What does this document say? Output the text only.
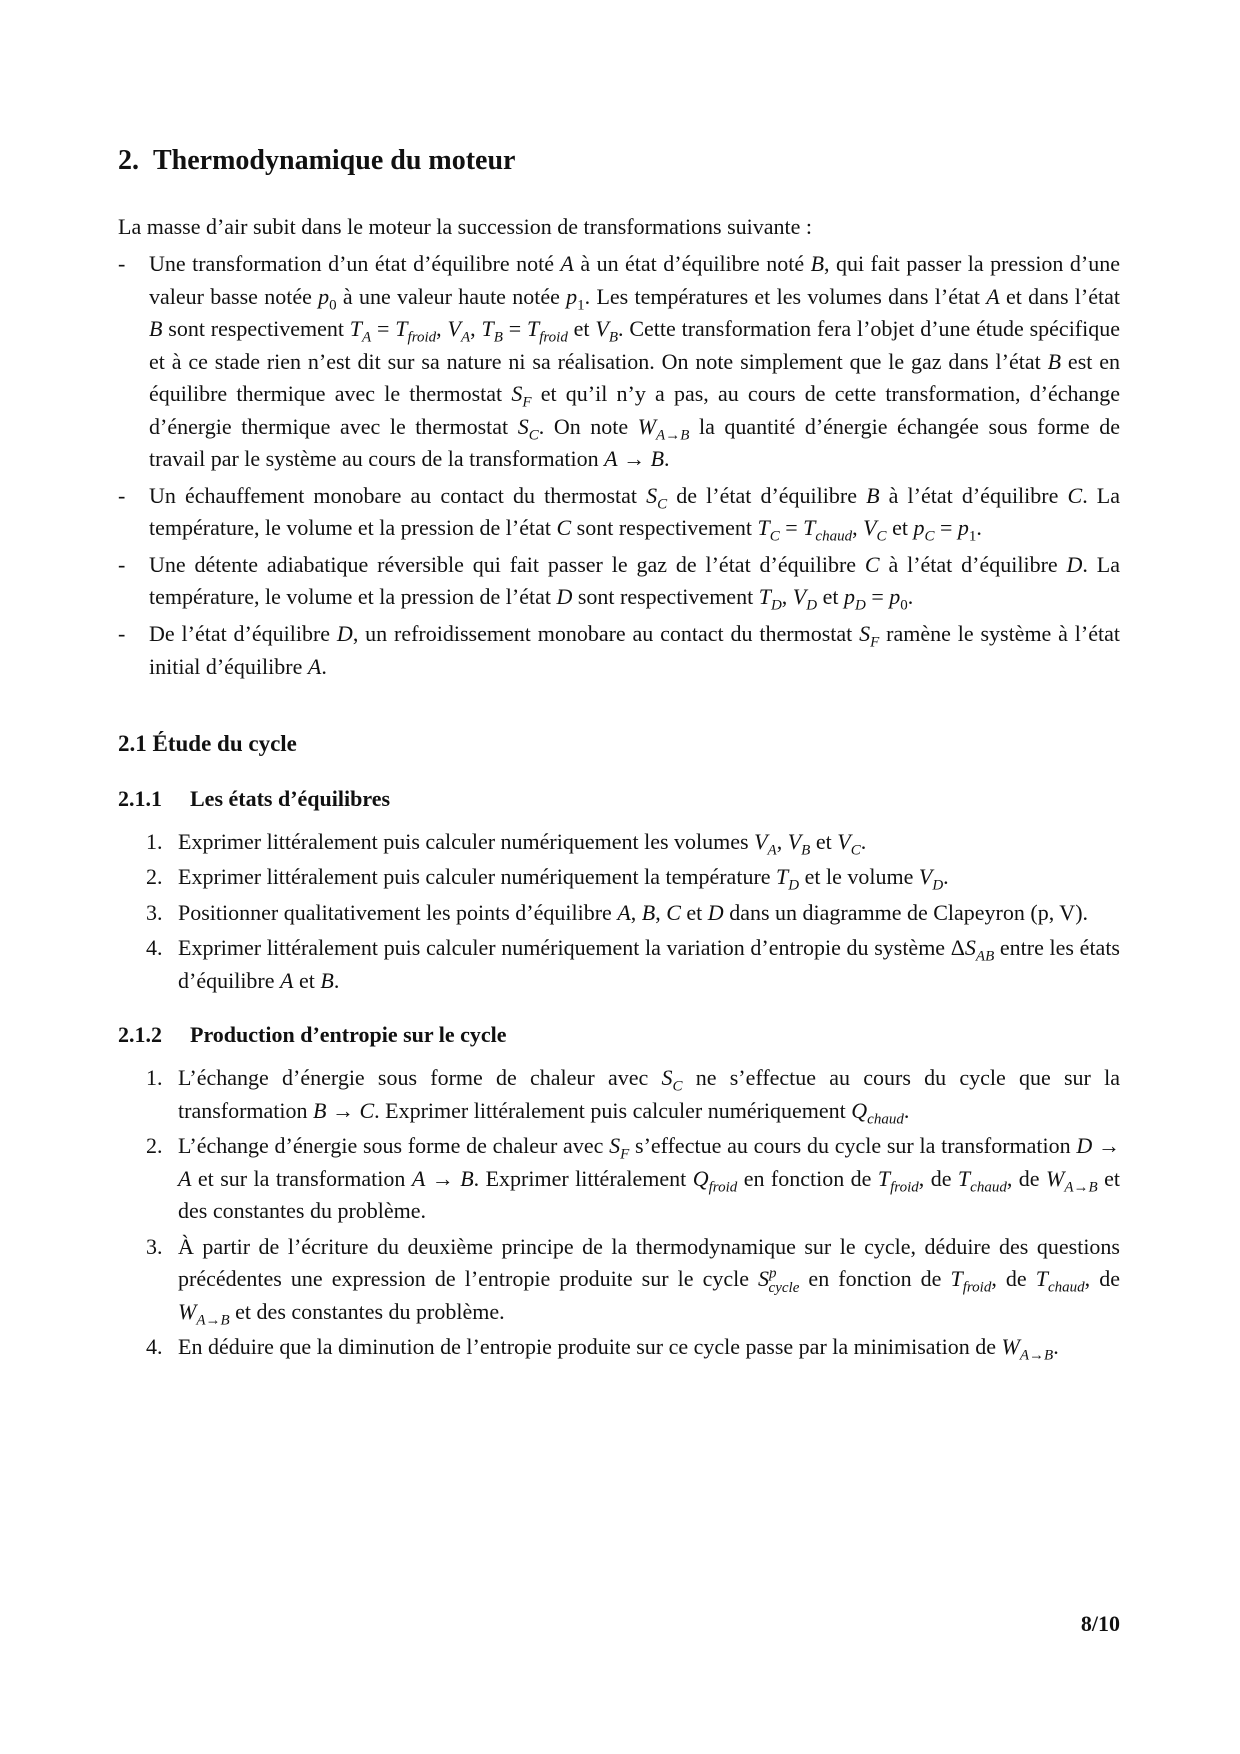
2. Thermodynamique du moteur

La masse d’air subit dans le moteur la succession de transformations suivante :

- Une transformation d’un état d’équilibre noté A à un état d’équilibre noté B, qui fait passer la pression d’une valeur basse notée $p_0$ à une valeur haute notée $p_1$. Les températures et les volumes dans l’état A et dans l’état B sont respectivement $T_A = T_{froid}$, $V_A$, $T_B = T_{froid}$ et $V_B$. Cette transformation fera l’objet d’une étude spécifique et à ce stade rien n’est dit sur sa nature ni sa réalisation. On note simplement que le gaz dans l’état B est en équilibre thermique avec le thermostat $S_F$ et qu’il n’y a pas, au cours de cette transformation, d’échange d’énergie thermique avec le thermostat $S_C$. On note $W_{A\to B}$ la quantité d’énergie échangée sous forme de travail par le système au cours de la transformation A → B.
- Un échauffement monobare au contact du thermostat $S_C$ de l’état d’équilibre B à l’état d’équilibre C. La température, le volume et la pression de l’état C sont respectivement $T_C = T_{chaud}$, $V_C$ et $p_C = p_1$.
- Une détente adiabatique réversible qui fait passer le gaz de l’état d’équilibre C à l’état d’équilibre D. La température, le volume et la pression de l’état D sont respectivement $T_D$, $V_D$ et $p_D = p_0$.
- De l’état d’équilibre D, un refroidissement monobare au contact du thermostat $S_F$ ramène le système à l’état initial d’équilibre A.
2.1 Étude du cycle
2.1.1 Les états d’équilibres
1. Exprimer littéralement puis calculer numériquement les volumes $V_A$, $V_B$ et $V_C$.
2. Exprimer littéralement puis calculer numériquement la température $T_D$ et le volume $V_D$.
3. Positionner qualitativement les points d’équilibre A, B, C et D dans un diagramme de Clapeyron (p, V).
4. Exprimer littéralement puis calculer numériquement la variation d’entropie du système $\Delta S_{AB}$ entre les états d’équilibre A et B.
2.1.2 Production d’entropie sur le cycle
1. L’échange d’énergie sous forme de chaleur avec $S_C$ ne s’effectue au cours du cycle que sur la transformation B → C. Exprimer littéralement puis calculer numériquement $Q_{chaud}$.
2. L’échange d’énergie sous forme de chaleur avec $S_F$ s’effectue au cours du cycle sur la transformation D → A et sur la transformation A → B. Exprimer littéralement $Q_{froid}$ en fonction de $T_{froid}$, de $T_{chaud}$, de $W_{A\to B}$ et des constantes du problème.
3. À partir de l’écriture du deuxième principe de la thermodynamique sur le cycle, déduire des questions précédentes une expression de l’entropie produite sur le cycle $S^p_{cycle}$ en fonction de $T_{froid}$, de $T_{chaud}$, de $W_{A\to B}$ et des constantes du problème.
4. En déduire que la diminution de l’entropie produite sur ce cycle passe par la minimisation de $W_{A\to B}$.
8/10
